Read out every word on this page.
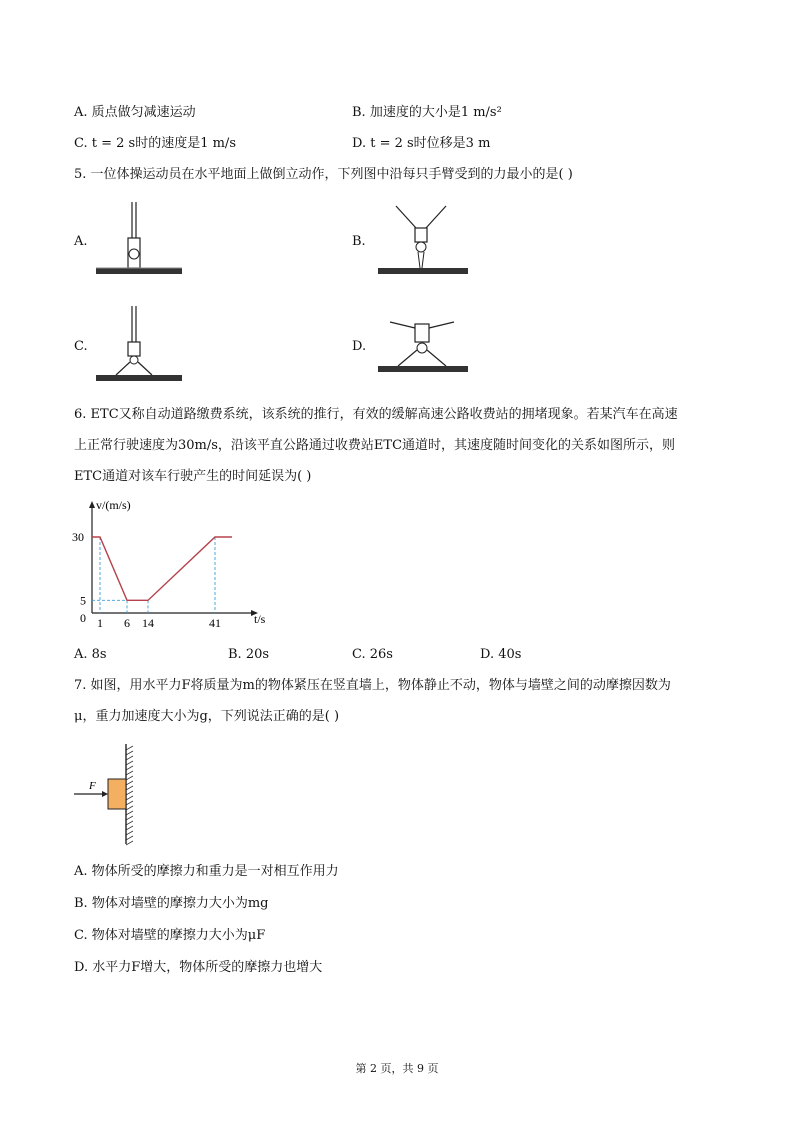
A. 质点做匀减速运动	B. 加速度的大小是1 m/s²
C. t = 2 s时的速度是1 m/s	D. t = 2 s时位移是3 m
5. 一位体操运动员在水平地面上做倒立动作，下列图中沿每只手臂受到的力最小的是( )
A.	B.
C.	D.
6. ETC又称自动道路缴费系统，该系统的推行，有效的缓解高速公路收费站的拥堵现象。若某汽车在高速
上正常行驶速度为30m/s，沿该平直公路通过收费站ETC通道时，其速度随时间变化的关系如图所示，则
ETC通道对该车行驶产生的时间延误为( )
30
5
0 1 6 14	41
v/(m/s)
t/s
A. 8s	B. 20s	C. 26s	D. 40s
7. 如图，用水平力F将质量为m的物体紧压在竖直墙上，物体静止不动，物体与墙壁之间的动摩擦因数为
μ，重力加速度大小为g，下列说法正确的是( )
F
A. 物体所受的摩擦力和重力是一对相互作用力
B. 物体对墙壁的摩擦力大小为mg
C. 物体对墙壁的摩擦力大小为μF
D. 水平力F增大，物体所受的摩擦力也增大
第 2 页，共 9 页
